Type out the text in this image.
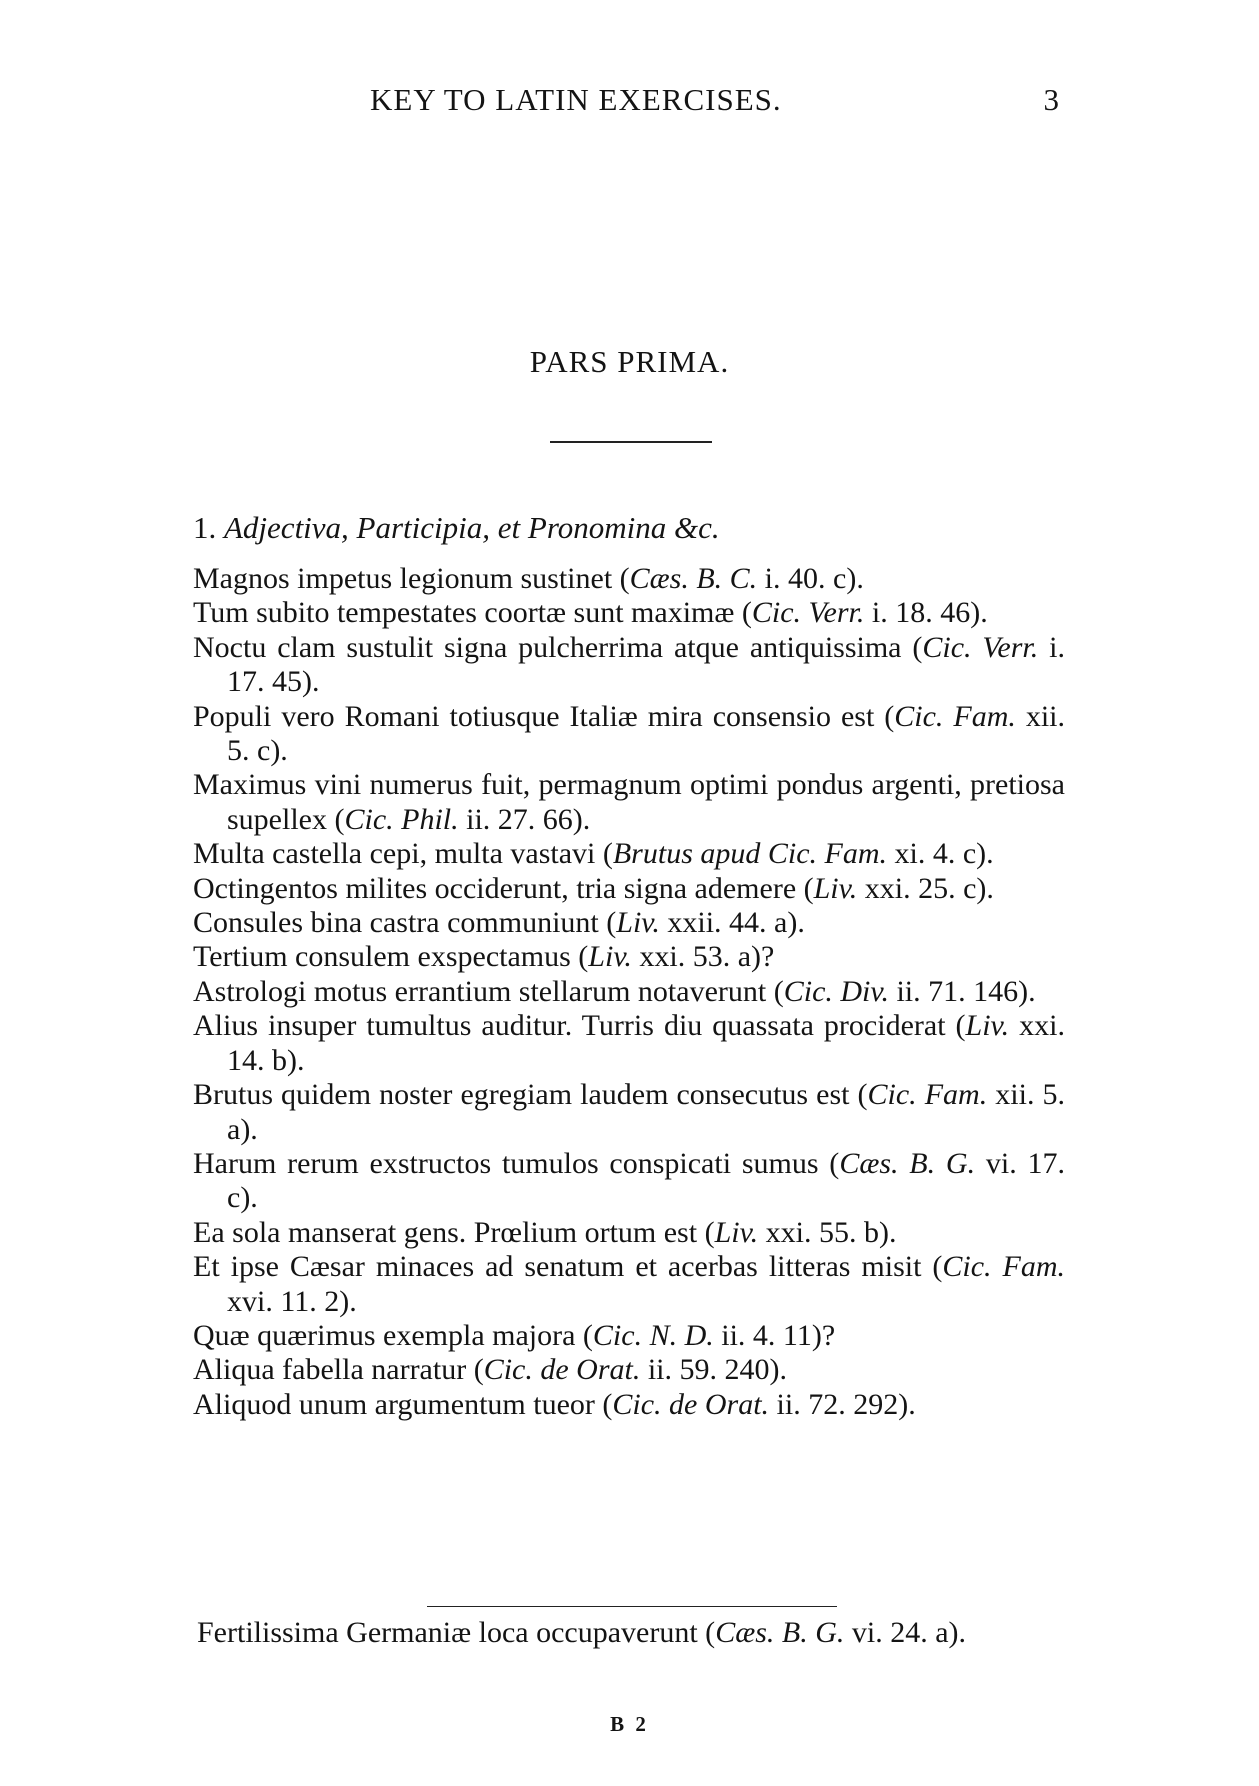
KEY TO LATIN EXERCISES.	3
PARS PRIMA.
1. Adjectiva, Participia, et Pronomina &c.

Magnos impetus legionum sustinet (Cæs. B. C. i. 40. c).

Tum subito tempestates coortæ sunt maximæ (Cic. Verr. i. 18. 46).

Noctu clam sustulit signa pulcherrima atque antiquissima (Cic. Verr. i. 17. 45).

Populi vero Romani totiusque Italiæ mira consensio est (Cic. Fam. xii. 5. c).

Maximus vini numerus fuit, permagnum optimi pondus argenti, pretiosa supellex (Cic. Phil. ii. 27. 66).

Multa castella cepi, multa vastavi (Brutus apud Cic. Fam. xi. 4. c).

Octingentos milites occiderunt, tria signa ademere (Liv. xxi. 25. c).

Consules bina castra communiunt (Liv. xxii. 44. a).

Tertium consulem exspectamus (Liv. xxi. 53. a)?

Astrologi motus errantium stellarum notaverunt (Cic. Div. ii. 71. 146).

Alius insuper tumultus auditur. Turris diu quassata prociderat (Liv. xxi. 14. b).

Brutus quidem noster egregiam laudem consecutus est (Cic. Fam. xii. 5. a).

Harum rerum exstructos tumulos conspicati sumus (Cæs. B. G. vi. 17. c).

Ea sola manserat gens. Prœlium ortum est (Liv. xxi. 55. b).

Et ipse Cæsar minaces ad senatum et acerbas litteras misit (Cic. Fam. xvi. 11. 2).

Quæ quærimus exempla majora (Cic. N. D. ii. 4. 11)?

Aliqua fabella narratur (Cic. de Orat. ii. 59. 240).

Aliquod unum argumentum tueor (Cic. de Orat. ii. 72. 292).

Fertilissima Germaniæ loca occupaverunt (Cæs. B. G. vi. 24. a).

B 2
